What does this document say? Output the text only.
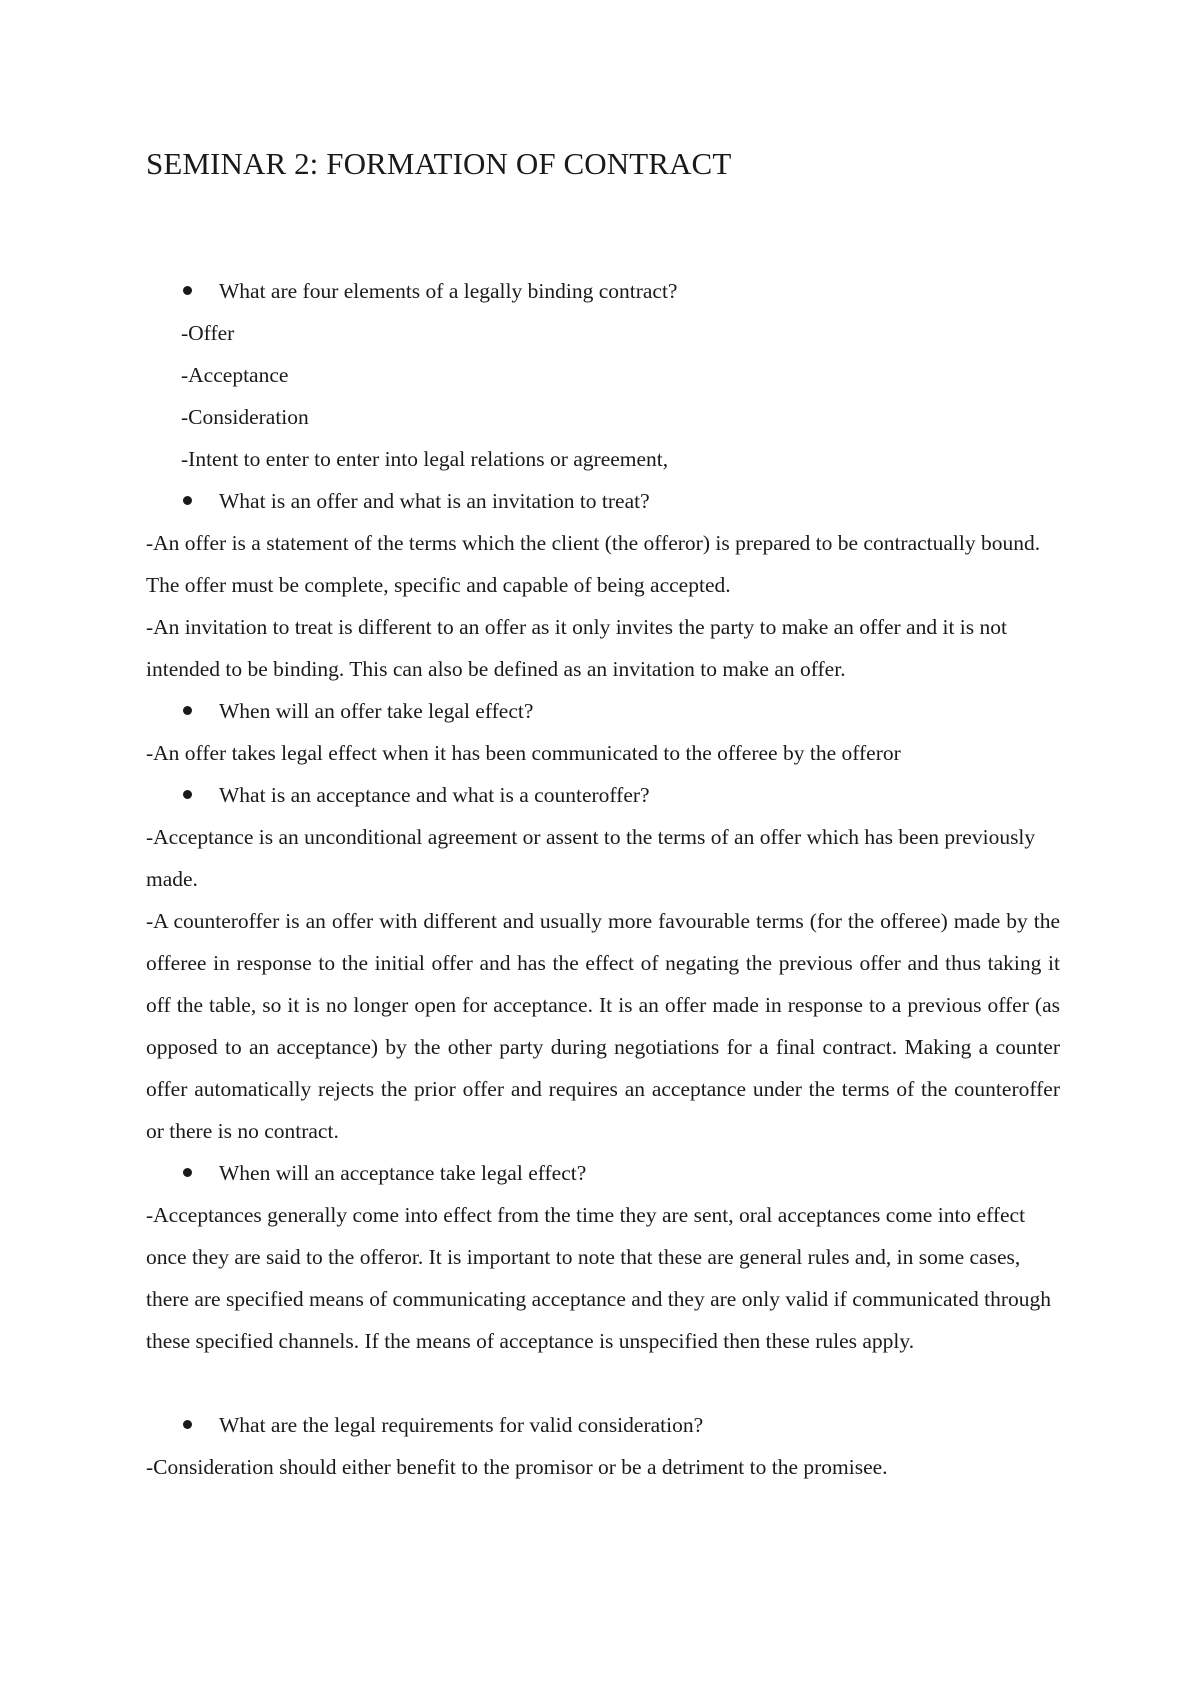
SEMINAR 2: FORMATION OF CONTRACT

What are four elements of a legally binding contract?

-Offer

-Acceptance

-Consideration

-Intent to enter to enter into legal relations or agreement,

What is an offer and what is an invitation to treat?

-An offer is a statement of the terms which the client (the offeror) is prepared to be contractually bound. The offer must be complete, specific and capable of being accepted.

-An invitation to treat is different to an offer as it only invites the party to make an offer and it is not intended to be binding. This can also be defined as an invitation to make an offer.

When will an offer take legal effect?

-An offer takes legal effect when it has been communicated to the offeree by the offeror

What is an acceptance and what is a counteroffer?

-Acceptance is an unconditional agreement or assent to the terms of an offer which has been previously made.

-A counteroffer is an offer with different and usually more favourable terms (for the offeree) made by the offeree in response to the initial offer and has the effect of negating the previous offer and thus taking it off the table, so it is no longer open for acceptance. It is an offer made in response to a previous offer (as opposed to an acceptance) by the other party during negotiations for a final contract. Making a counter offer automatically rejects the prior offer and requires an acceptance under the terms of the counteroffer or there is no contract.

When will an acceptance take legal effect?

-Acceptances generally come into effect from the time they are sent, oral acceptances come into effect once they are said to the offeror. It is important to note that these are general rules and, in some cases, there are specified means of communicating acceptance and they are only valid if communicated through these specified channels. If the means of acceptance is unspecified then these rules apply.

What are the legal requirements for valid consideration?

-Consideration should either benefit to the promisor or be a detriment to the promisee.
